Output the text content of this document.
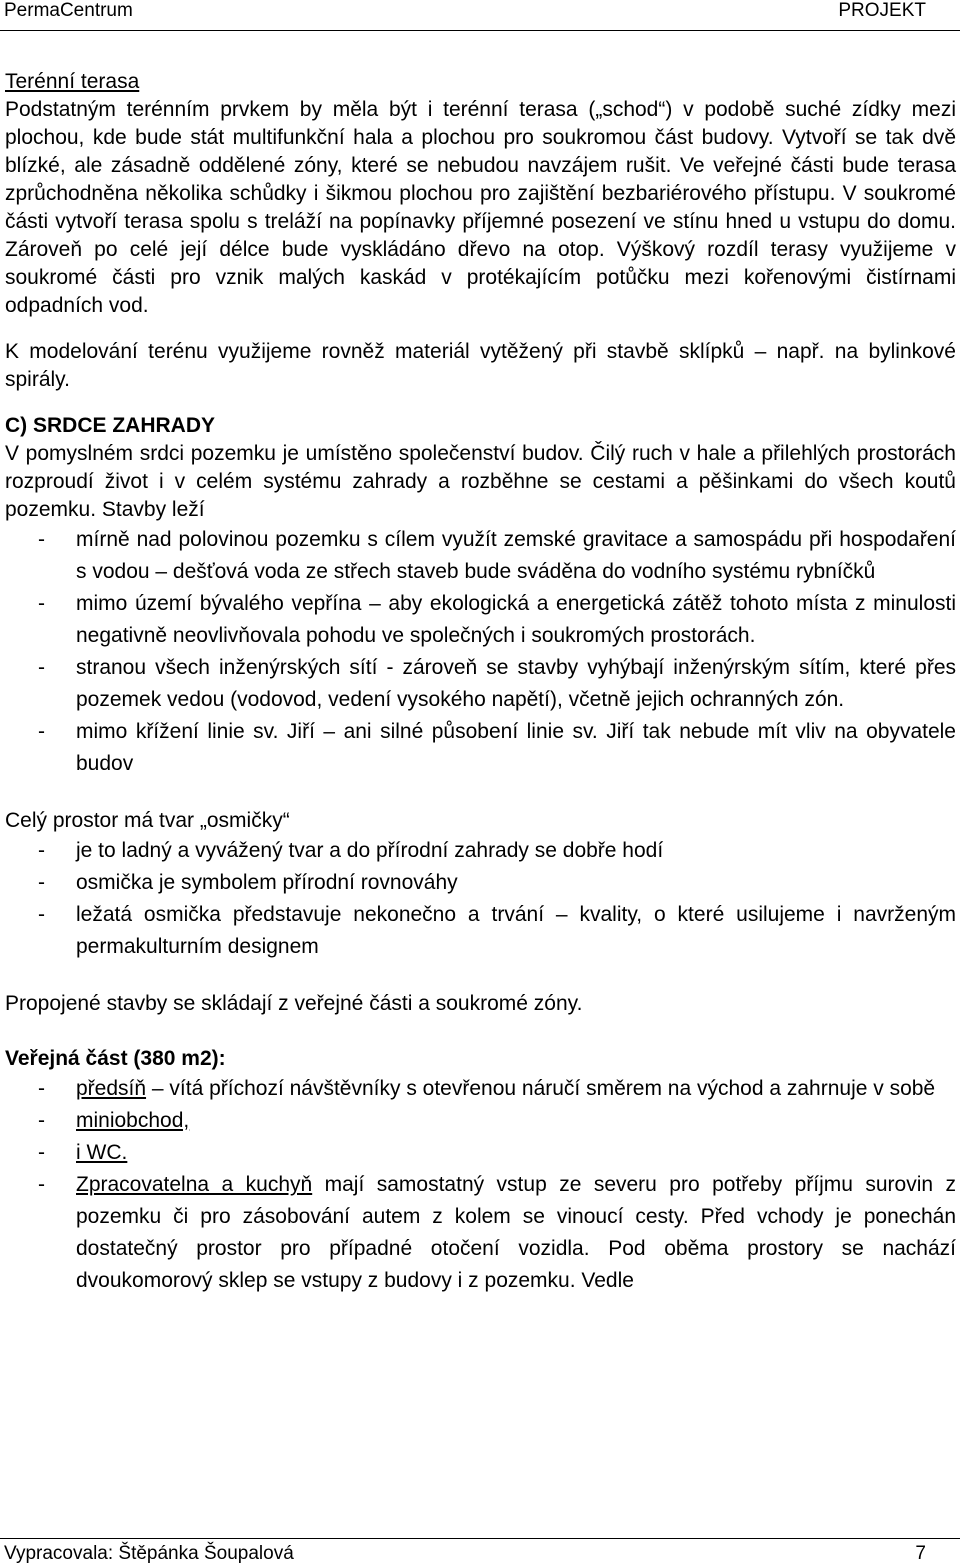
PermaCentrum	PROJEKT

Terénní terasa

Podstatným terénním prvkem by měla být i terénní terasa („schod“) v podobě suché zídky mezi plochou, kde bude stát multifunkční hala a plochou pro soukromou část budovy. Vytvoří se tak dvě blízké, ale zásadně oddělené zóny, které se nebudou navzájem rušit. Ve veřejné části bude terasa zprůchodněna několika schůdky i šikmou plochou pro zajištění bezbariérového přístupu. V soukromé části vytvoří terasa spolu s treláží na popínavky příjemné posezení ve stínu hned u vstupu do domu. Zároveň po celé její délce bude vyskládáno dřevo na otop. Výškový rozdíl terasy využijeme v soukromé části pro vznik malých kaskád v protékajícím potůčku mezi kořenovými čistírnami odpadních vod.

K modelování terénu využijeme rovněž materiál vytěžený při stavbě sklípků – např. na bylinkové spirály.

C) SRDCE ZAHRADY

V pomyslném srdci pozemku je umístěno společenství budov. Čilý ruch v hale a přilehlých prostorách rozproudí život i v celém systému zahrady a rozběhne se cestami a pěšinkami do všech koutů pozemku. Stavby leží

- mírně nad polovinou pozemku s cílem využít zemské gravitace a samospádu při hospodaření s vodou – dešťová voda ze střech staveb bude sváděna do vodního systému rybníčků
- mimo území bývalého vepřína – aby ekologická a energetická zátěž tohoto místa z minulosti negativně neovlivňovala pohodu ve společných i soukromých prostorách.
- stranou všech inženýrských sítí - zároveň se stavby vyhýbají inženýrským sítím, které přes pozemek vedou (vodovod, vedení vysokého napětí), včetně jejich ochranných zón.
- mimo křížení linie sv. Jiří – ani silné působení linie sv. Jiří tak nebude mít vliv na obyvatele budov

Celý prostor má tvar „osmičky“

- je to ladný a vyvážený tvar a do přírodní zahrady se dobře hodí
- osmička je symbolem přírodní rovnováhy
- ležatá osmička představuje nekonečno a trvání – kvality, o které usilujeme i navrženým permakulturním designem

Propojené stavby se skládají z veřejné části a soukromé zóny.

Veřejná část (380 m2):

- předsíň – vítá příchozí návštěvníky s otevřenou náručí směrem na východ a zahrnuje v sobě
- miniobchod,
- i WC.
- Zpracovatelna a kuchyň mají samostatný vstup ze severu pro potřeby příjmu surovin z pozemku či pro zásobování autem z kolem se vinoucí cesty. Před vchody je ponechán dostatečný prostor pro případné otočení vozidla. Pod oběma prostory se nachází dvoukomorový sklep se vstupy z budovy i z pozemku. Vedle
Vypracovala: Štěpánka Šoupalová	7
